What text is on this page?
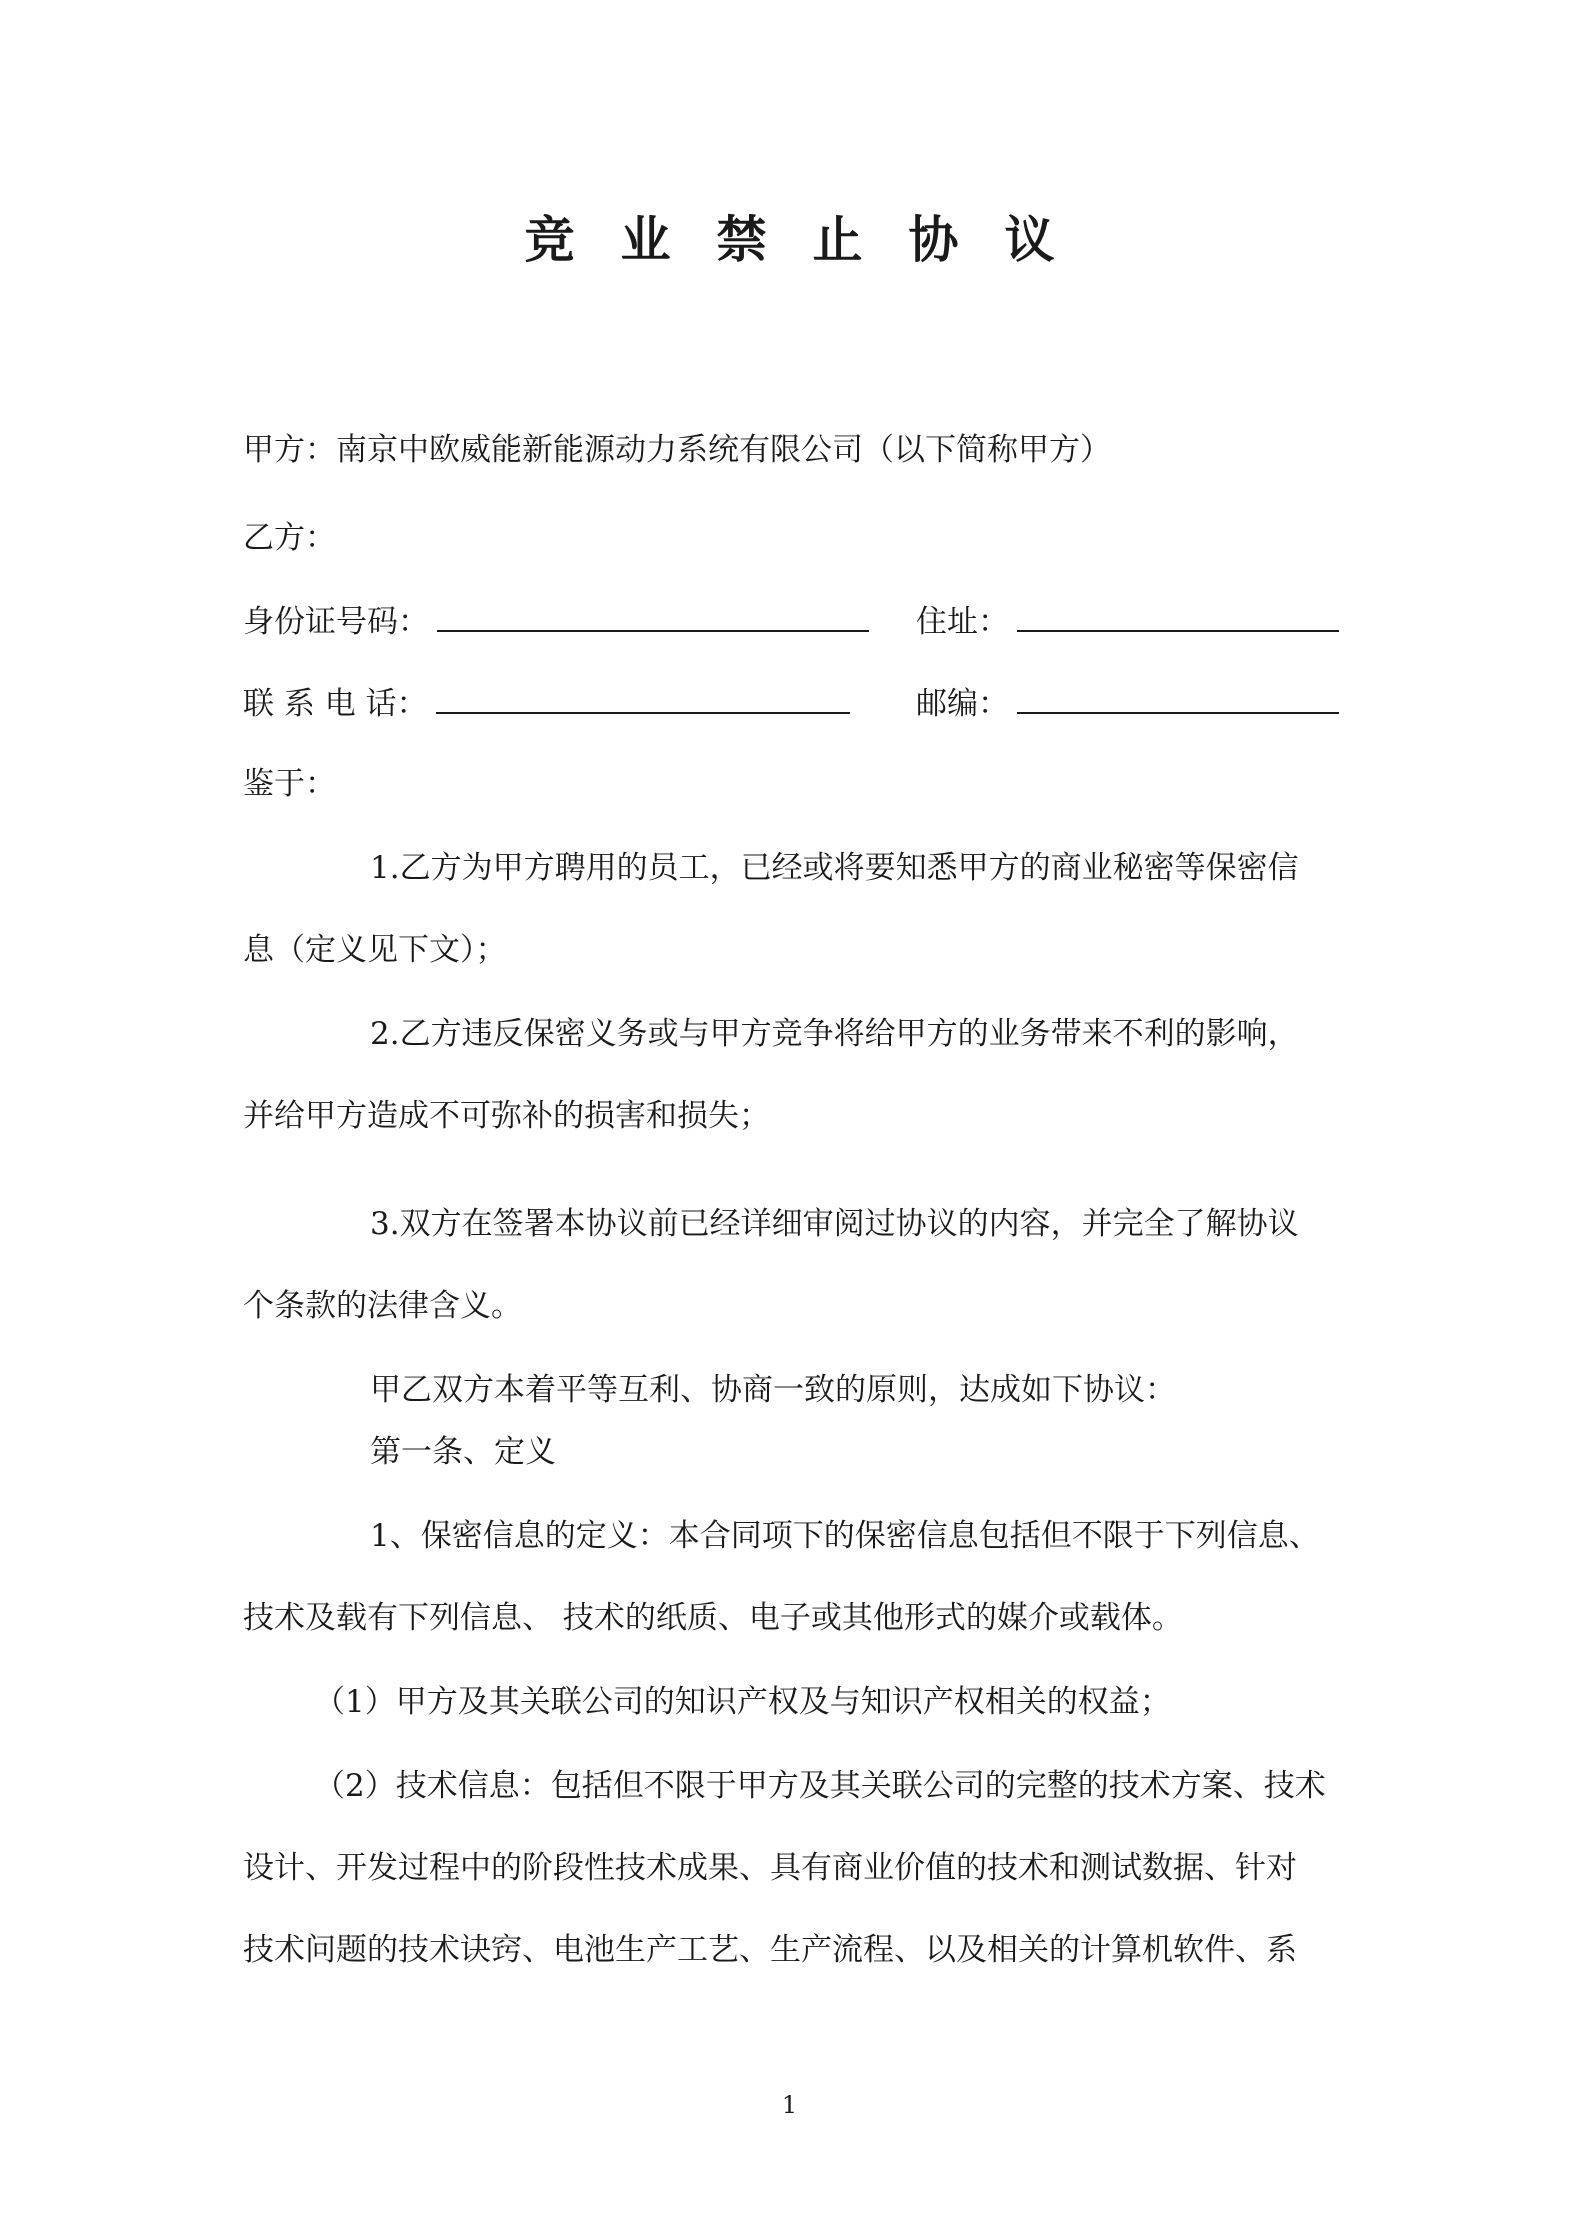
竞业禁止协议
甲方：南京中欧威能新能源动力系统有限公司（以下简称甲方）
乙方：
身份证号码：	住址：
联 系 电 话：	邮编：
鉴于：
1.乙方为甲方聘用的员工，已经或将要知悉甲方的商业秘密等保密信
息（定义见下文）；
2.乙方违反保密义务或与甲方竞争将给甲方的业务带来不利的影响，
并给甲方造成不可弥补的损害和损失；
3.双方在签署本协议前已经详细审阅过协议的内容，并完全了解协议
个条款的法律含义。
甲乙双方本着平等互利、协商一致的原则，达成如下协议：
第一条、定义
1、保密信息的定义：本合同项下的保密信息包括但不限于下列信息、
技术及载有下列信息、 技术的纸质、电子或其他形式的媒介或载体。
（1）甲方及其关联公司的知识产权及与知识产权相关的权益；
（2）技术信息：包括但不限于甲方及其关联公司的完整的技术方案、技术
设计、开发过程中的阶段性技术成果、具有商业价值的技术和测试数据、针对
技术问题的技术诀窍、电池生产工艺、生产流程、以及相关的计算机软件、系
1
